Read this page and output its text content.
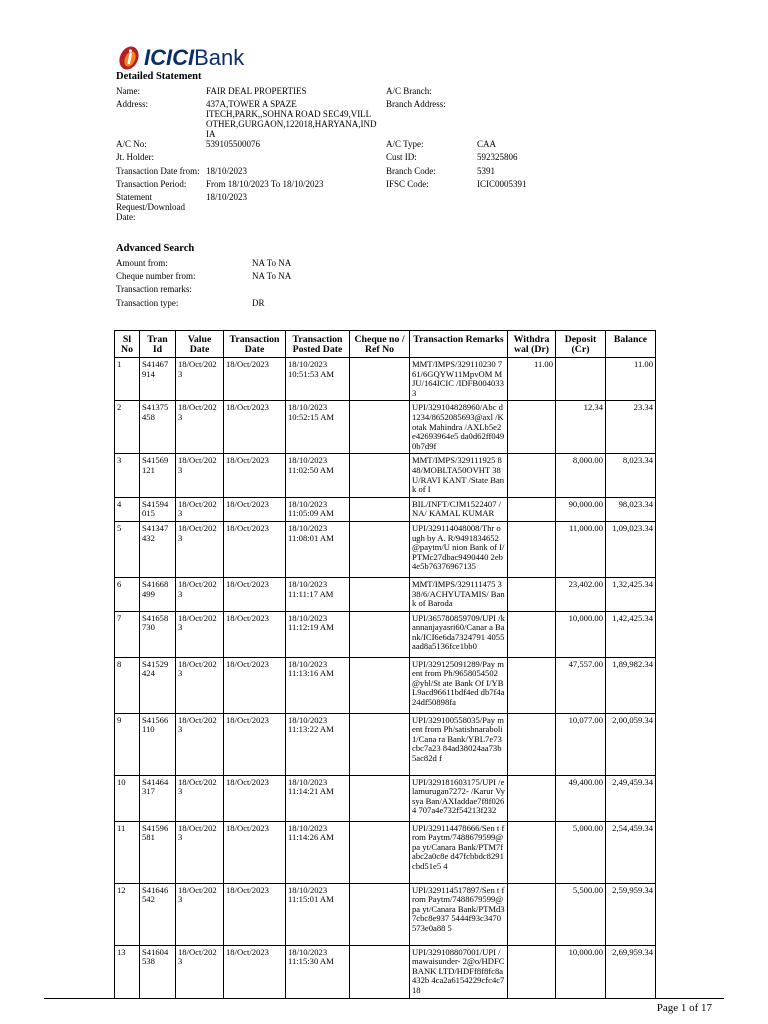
ICICIBank
Detailed Statement
Name:	FAIR DEAL PROPERTIES
Address:	437A,TOWER A SPAZE ITECH,PARK,,SOHNA ROAD SEC49,VILL OTHER,GURGAON,122018,HARYANA,IND IA
A/C No:	539105500076
Jt. Holder:
Transaction Date from: 18/10/2023
Transaction Period: From 18/10/2023 To 18/10/2023
Statement Request/Download Date:
18/10/2023
A/C Branch:
Branch Address:
A/C Type:	CAA
Cust ID:	592325806
Branch Code:	5391
IFSC Code:	ICIC0005391
Advanced Search
Amount from:	NA To NA
Cheque number from:	NA To NA
Transaction remarks:
Transaction type:	DR
Sl No	Tran Id	Value Date	Transaction Date	Transaction Posted Date	Cheque no / Ref No	Transaction Remarks	Withdra wal (Dr)	Deposit (Cr)	Balance
1	S41467 914	18/Oct/202 3	18/Oct/2023	18/10/2023 10:51:53 AM		MMT/IMPS/329110230 761/6GQYW11MpvOM MJU/164ICIC /IDFB0040333	11.00		11.00
2	S41375 458	18/Oct/202 3	18/Oct/2023	18/10/2023 10:52:15 AM		UPI/329104828960/Abc d1234/8652085693@axl /Kotak Mahindra /AXLb5e2e42693964e5 da0d62ff0490b7d9f		12.34	23.34
3	S41569 121	18/Oct/202 3	18/Oct/2023	18/10/2023 11:02:50 AM		MMT/IMPS/329111925 848/MOBLTA50OVHT 38U/RAVI KANT /State Bank of I		8,000.00	8,023.34
4	S41594 015	18/Oct/202 3	18/Oct/2023	18/10/2023 11:05:09 AM		BIL/INFT/CJM1522407 /NA/ KAMAL KUMAR		90,000.00	98,023.34
5	S41347 432	18/Oct/202 3	18/Oct/2023	18/10/2023 11:08:01 AM		UPI/329114048008/Thr ough by A. R/9491834652@paytm/U nion Bank of I/PTMc27dbac9490440 2eb4e5b76376967135		11,000.00	1,09,023.34
6	S41668 499	18/Oct/202 3	18/Oct/2023	18/10/2023 11:11:17 AM		MMT/IMPS/329111475 338/6/ACHYUTAMIS/ Bank of Baroda		23,402.00	1,32,425.34
7	S41658 730	18/Oct/202 3	18/Oct/2023	18/10/2023 11:12:19 AM		UPI/365780859709/UPI /kannanjayasri60/Canar a Bank/ICI6e6da7324791 4055aad8a5136fce1bb0		10,000.00	1,42,425.34
8	S41529 424	18/Oct/202 3	18/Oct/2023	18/10/2023 11:13:16 AM		UPI/329125091289/Pay ment from Ph/9658054502@ybl/St ate Bank Of I/YBL9acd96611bdf4ed db7f4a24df50898fa		47,557.00	1,89,982.34
9	S41566 110	18/Oct/202 3	18/Oct/2023	18/10/2023 11:13:22 AM		UPI/329100558035/Pay ment from Ph/satishnaraboli1/Cana ra Bank/YBL7e73cbc7a23 84ad38024aa73b5ac82d f		10,077.00	2,00,059.34
10	S41464 317	18/Oct/202 3	18/Oct/2023	18/10/2023 11:14:21 AM		UPI/329181603175/UPI /elamurugan7272- /Karur Vysya Ban/AXIaddae7f8f0264 707a4e732f54213f232		49,400.00	2,49,459.34
11	S41596 581	18/Oct/202 3	18/Oct/2023	18/10/2023 11:14:26 AM		UPI/329114478666/Sen t from Paytm/7488679599@pa yt/Canara Bank/PTM7fabc2a0c8e d47fcbbdc8291cbd51e5 4		5,000.00	2,54,459.34
12	S41646 542	18/Oct/202 3	18/Oct/2023	18/10/2023 11:15:01 AM		UPI/329114517897/Sen t from Paytm/7488679599@pa yt/Canara Bank/PTMd37cbc8e937 5444f93c3470573e0a88 5		5,500.00	2,59,959.34
13	S41604 538	18/Oct/202 3	18/Oct/2023	18/10/2023 11:15:30 AM		UPI/329108807001/UPI /mawaisunder- 2@o/HDFC BANK LTD/HDFf8f8fc8a432b 4ca2a6154229cfc4c718		10,000.00	2,69,959.34
Page 1 of 17
